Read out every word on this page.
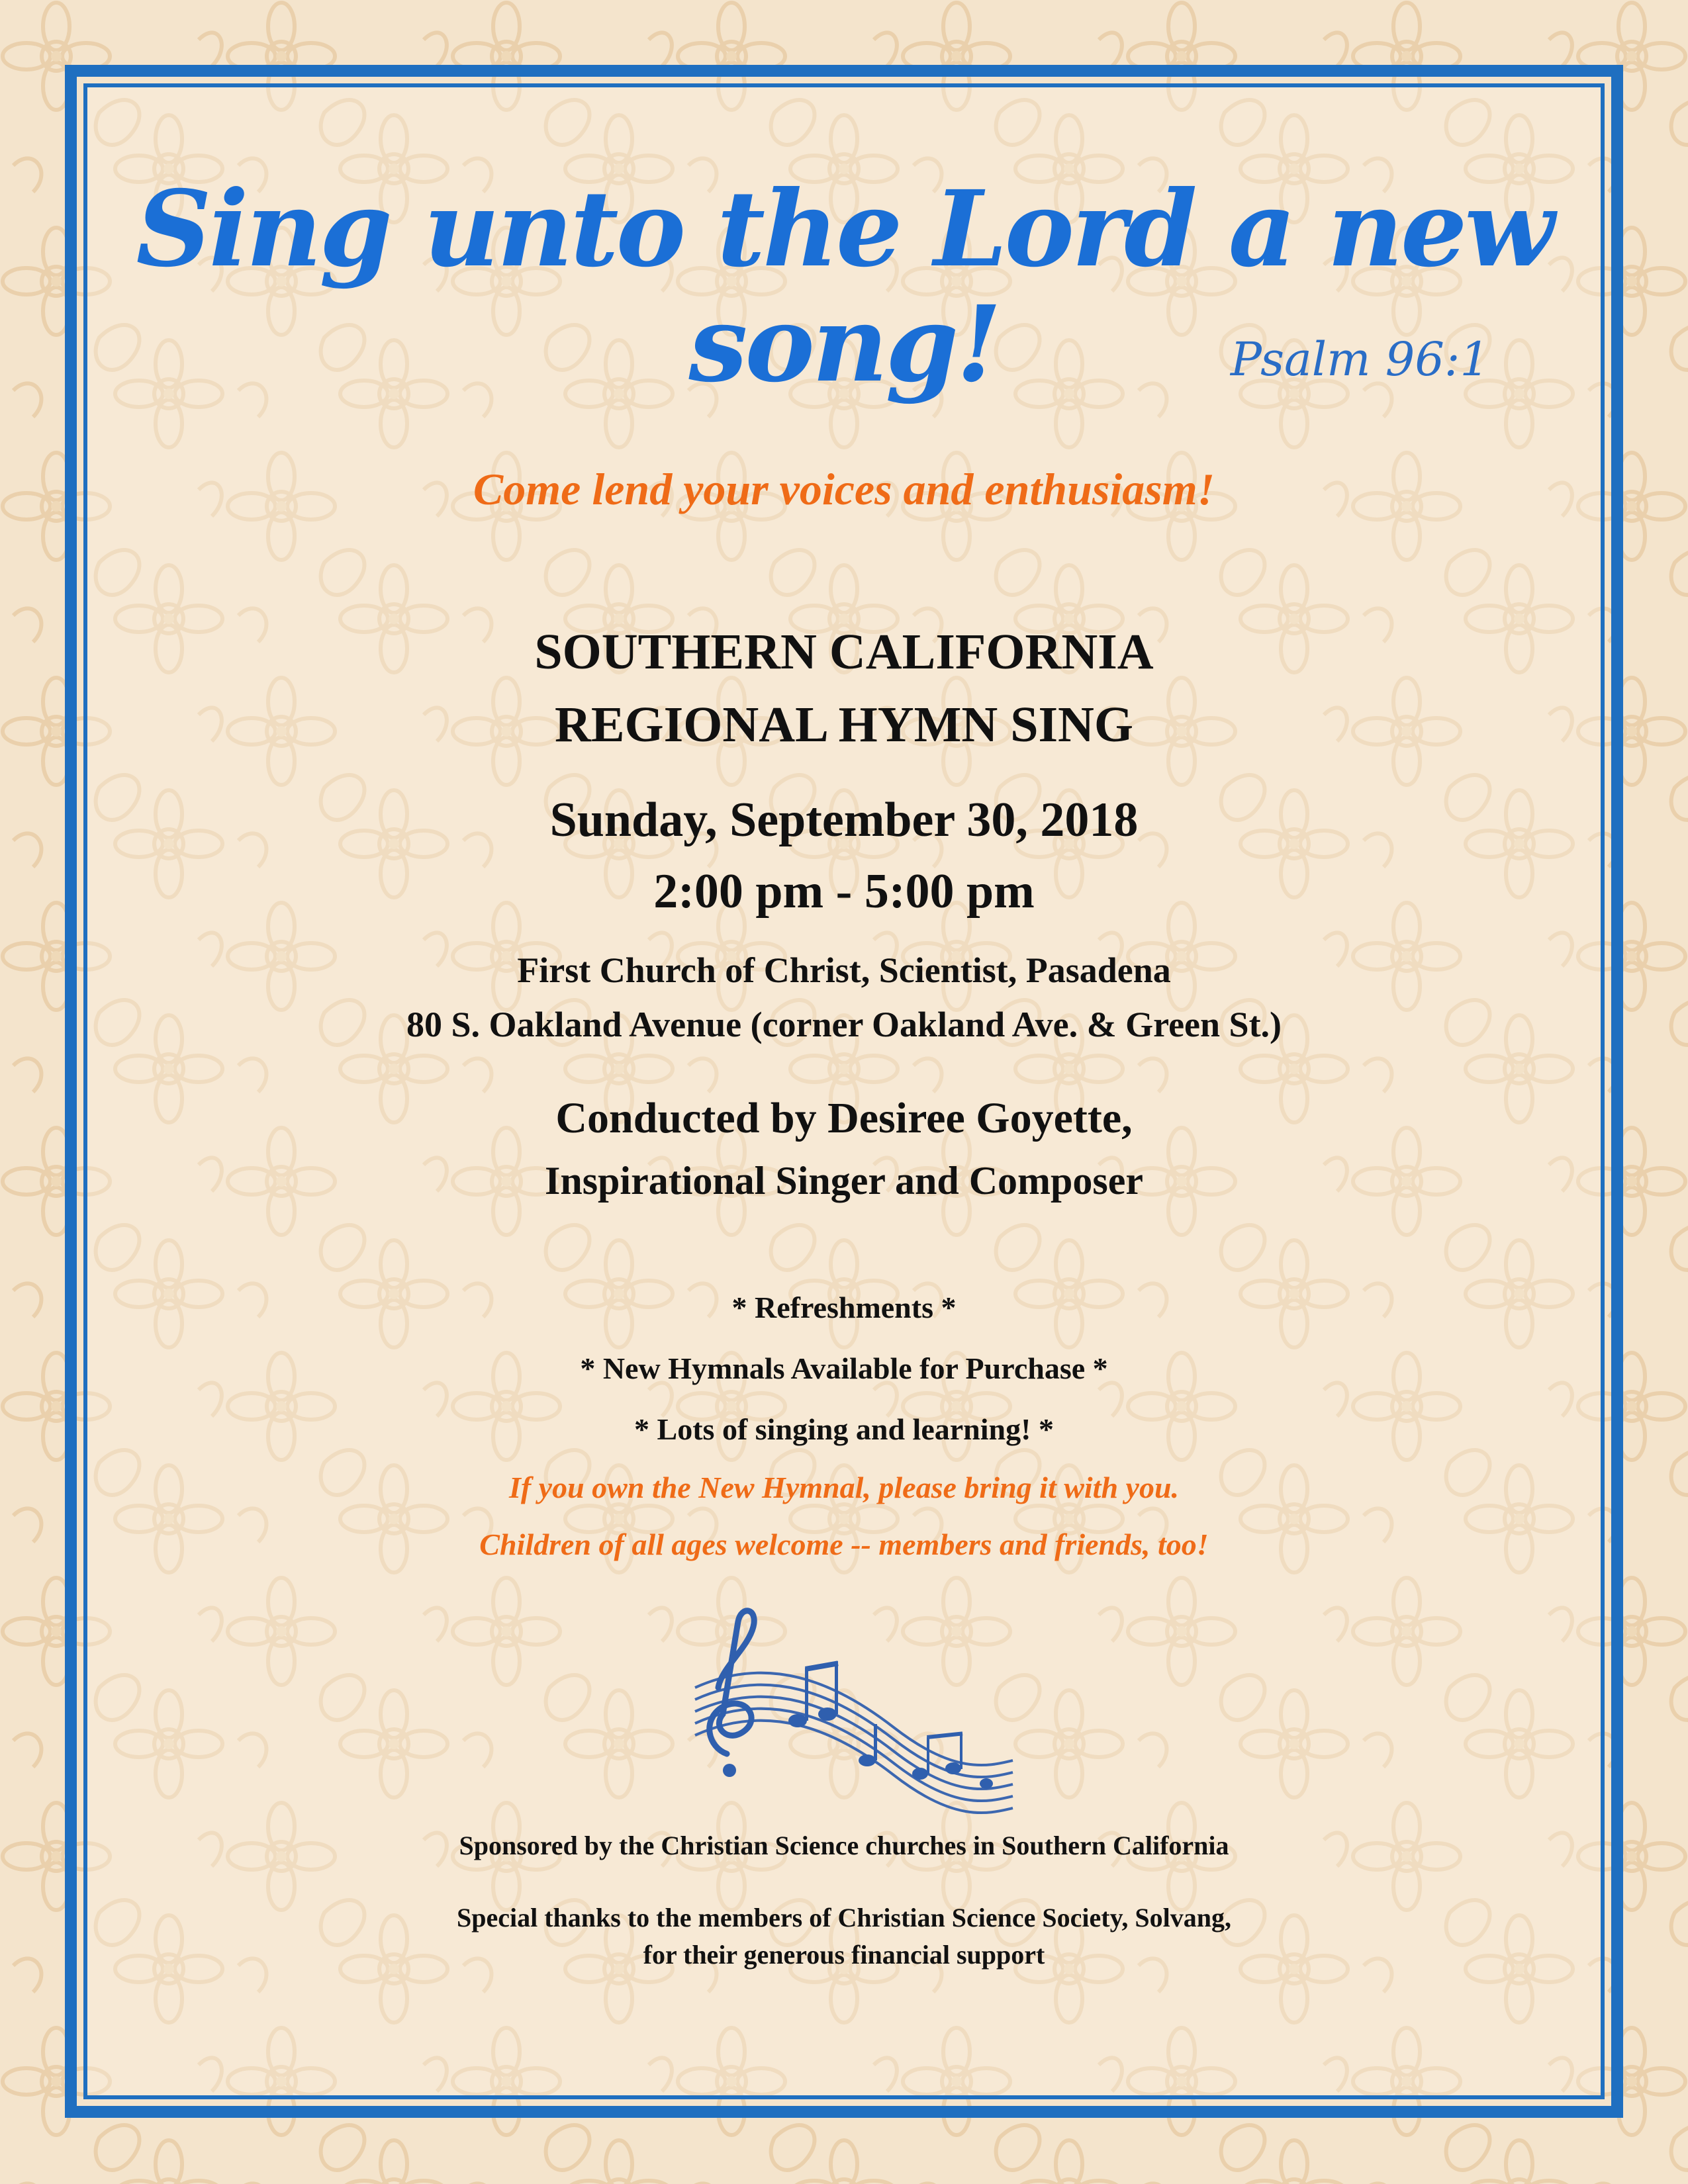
Sing unto the Lord a new song!	Psalm 96:1
Come lend your voices and enthusiasm!
SOUTHERN CALIFORNIA
REGIONAL HYMN SING
Sunday, September 30, 2018
2:00 pm - 5:00 pm
First Church of Christ, Scientist, Pasadena
80 S. Oakland Avenue (corner Oakland Ave. & Green St.)
Conducted by Desiree Goyette,
Inspirational Singer and Composer
* Refreshments *
* New Hymnals Available for Purchase *
* Lots of singing and learning! *
If you own the New Hymnal, please bring it with you.
Children of all ages welcome -- members and friends, too!
Sponsored by the Christian Science churches in Southern California
Special thanks to the members of Christian Science Society, Solvang,
for their generous financial support
